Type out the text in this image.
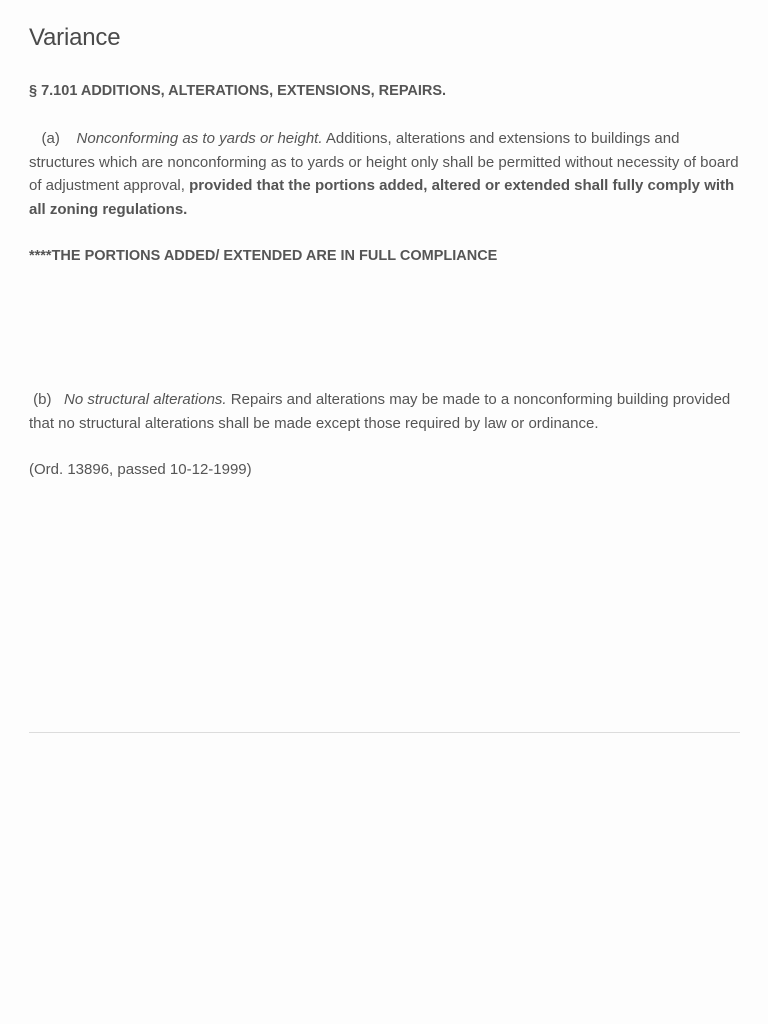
Variance

§ 7.101 ADDITIONS, ALTERATIONS, EXTENSIONS, REPAIRS.

(a) Nonconforming as to yards or height. Additions, alterations and extensions to buildings and structures which are nonconforming as to yards or height only shall be permitted without necessity of board of adjustment approval, provided that the portions added, altered or extended shall fully comply with all zoning regulations.

****THE PORTIONS ADDED/ EXTENDED ARE IN FULL COMPLIANCE

(b) No structural alterations. Repairs and alterations may be made to a nonconforming building provided that no structural alterations shall be made except those required by law or ordinance.

(Ord. 13896, passed 10-12-1999)
